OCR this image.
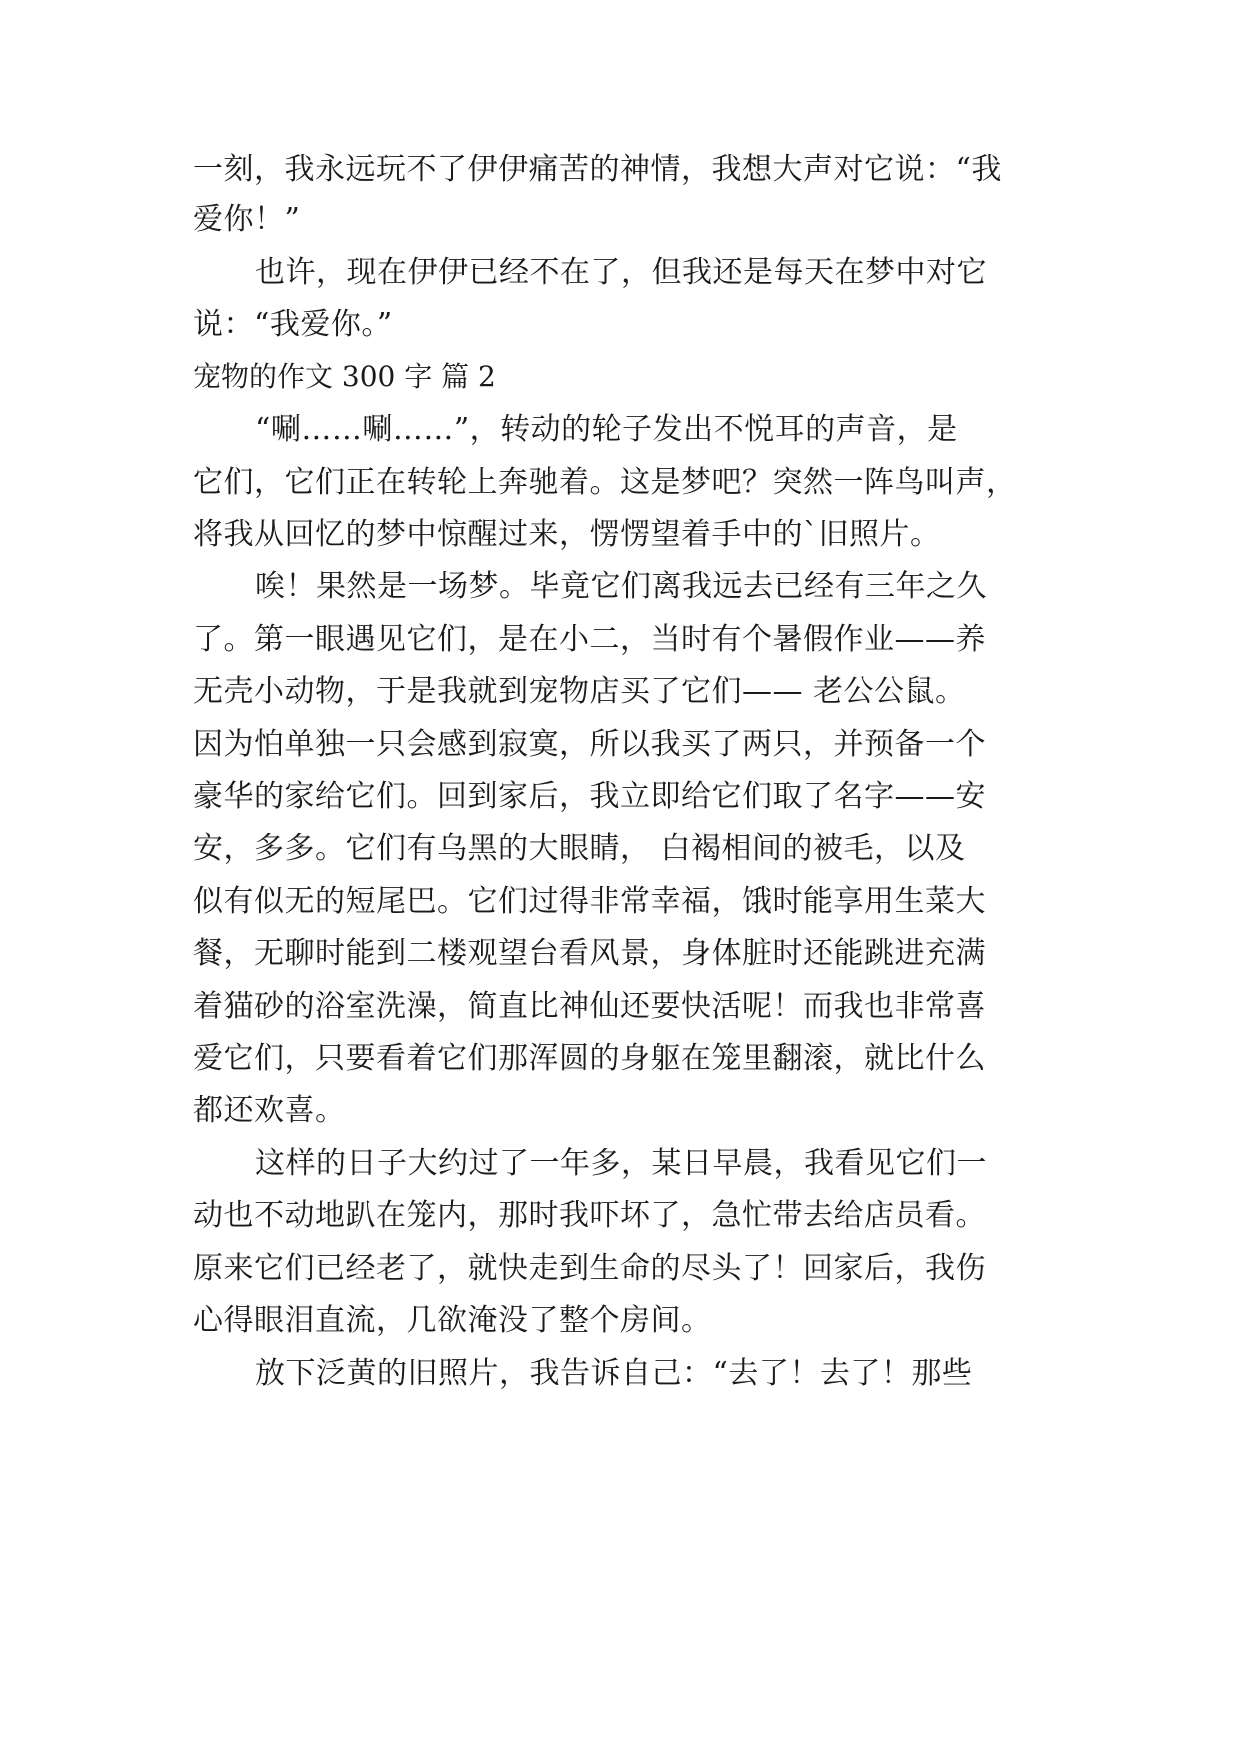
一刻，我永远玩不了伊伊痛苦的神情，我想大声对它说：“我
爱你！”
也许，现在伊伊已经不在了，但我还是每天在梦中对它
说：“我爱你。”
宠物的作文 300 字 篇 2
“唰……唰……”，转动的轮子发出不悦耳的声音，是
它们，它们正在转轮上奔驰着。这是梦吧？突然一阵鸟叫声，
将我从回忆的梦中惊醒过来，愣愣望着手中的`旧照片。
唉！果然是一场梦。毕竟它们离我远去已经有三年之久
了。第一眼遇见它们，是在小二，当时有个暑假作业——养
无壳小动物，于是我就到宠物店买了它们—— 老公公鼠。
因为怕单独一只会感到寂寞，所以我买了两只，并预备一个
豪华的家给它们。回到家后，我立即给它们取了名字——安
安，多多。它们有乌黑的大眼睛， 白褐相间的被毛，以及
似有似无的短尾巴。它们过得非常幸福，饿时能享用生菜大
餐，无聊时能到二楼观望台看风景，身体脏时还能跳进充满
着猫砂的浴室洗澡，简直比神仙还要快活呢！而我也非常喜
爱它们，只要看着它们那浑圆的身躯在笼里翻滚，就比什么
都还欢喜。
这样的日子大约过了一年多，某日早晨，我看见它们一
动也不动地趴在笼内，那时我吓坏了，急忙带去给店员看。
原来它们已经老了，就快走到生命的尽头了！回家后，我伤
心得眼泪直流，几欲淹没了整个房间。
放下泛黄的旧照片，我告诉自己：“去了！去了！那些
